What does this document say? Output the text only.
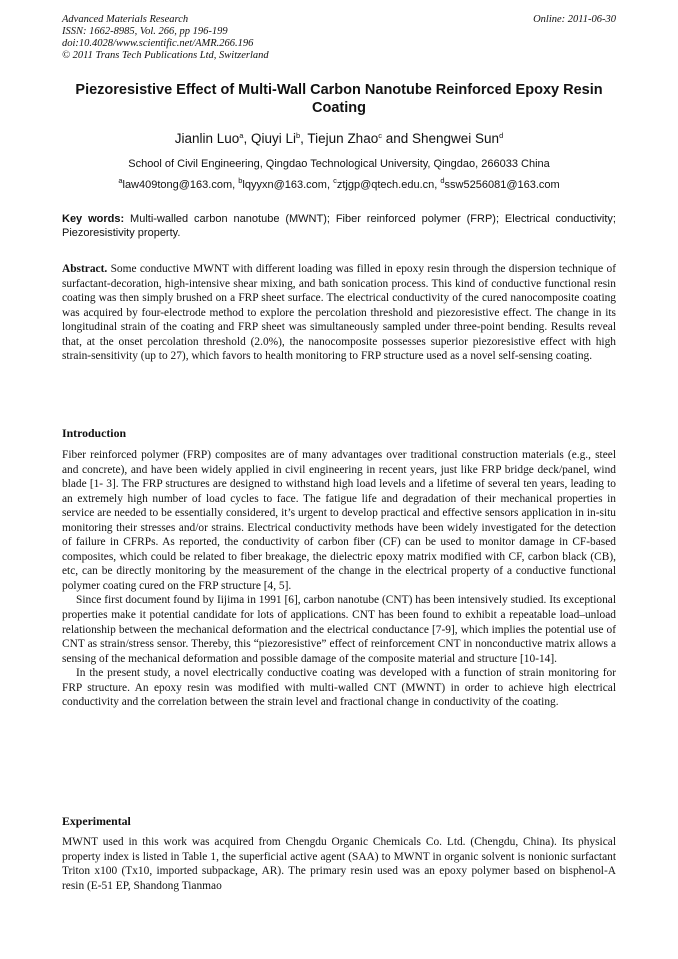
Advanced Materials Research	Online: 2011-06-30
ISSN: 1662-8985, Vol. 266, pp 196-199
doi:10.4028/www.scientific.net/AMR.266.196
© 2011 Trans Tech Publications Ltd, Switzerland
Piezoresistive Effect of Multi-Wall Carbon Nanotube Reinforced Epoxy Resin Coating
Jianlin Luo$^a$, Qiuyi Li$^b$, Tiejun Zhao$^c$ and Shengwei Sun$^d$
School of Civil Engineering, Qingdao Technological University, Qingdao, 266033 China
$^a$law409tong@163.com, $^b$lqyyxn@163.com, $^c$ztjgp@qtech.edu.cn, $^d$ssw5256081@163.com
Key words: Multi-walled carbon nanotube (MWNT); Fiber reinforced polymer (FRP); Electrical conductivity; Piezoresistivity property.
Abstract. Some conductive MWNT with different loading was filled in epoxy resin through the dispersion technique of surfactant-decoration, high-intensive shear mixing, and bath sonication process. This kind of conductive functional resin coating was then simply brushed on a FRP sheet surface. The electrical conductivity of the cured nanocomposite coating was acquired by four-electrode method to explore the percolation threshold and piezoresistive effect. The change in its longitudinal strain of the coating and FRP sheet was simultaneously sampled under three-point bending. Results reveal that, at the onset percolation threshold (2.0%), the nanocomposite possesses superior piezoresistive effect with high strain-sensitivity (up to 27), which favors to health monitoring to FRP structure used as a novel self-sensing coating.
Introduction

Fiber reinforced polymer (FRP) composites are of many advantages over traditional construction materials (e.g., steel and concrete), and have been widely applied in civil engineering in recent years, just like FRP bridge deck/panel, wind blade [1- 3]. The FRP structures are designed to withstand high load levels and a lifetime of several ten years, leading to an extremely high number of load cycles to face. The fatigue life and degradation of their mechanical properties in service are needed to be essentially considered, it’s urgent to develop practical and effective sensors application in in-situ monitoring their stresses and/or strains. Electrical conductivity methods have been widely investigated for the detection of failure in CFRPs. As reported, the conductivity of carbon fiber (CF) can be used to monitor damage in CF-based composites, which could be related to fiber breakage, the dielectric epoxy matrix modified with CF, carbon black (CB), etc, can be directly monitoring by the measurement of the change in the electrical property of a conductive functional polymer coating cured on the FRP structure [4, 5].

Since first document found by Iijima in 1991 [6], carbon nanotube (CNT) has been intensively studied. Its exceptional properties make it potential candidate for lots of applications. CNT has been found to exhibit a repeatable load–unload relationship between the mechanical deformation and the electrical conductance [7-9], which implies the potential use of CNT as strain/stress sensor. Thereby, this “piezoresistive” effect of reinforcement CNT in nonconductive matrix allows a sensing of the mechanical deformation and possible damage of the composite material and structure [10-14].

In the present study, a novel electrically conductive coating was developed with a function of strain monitoring for FRP structure. An epoxy resin was modified with multi-walled CNT (MWNT) in order to achieve high electrical conductivity and the correlation between the strain level and fractional change in conductivity of the coating.

Experimental

MWNT used in this work was acquired from Chengdu Organic Chemicals Co. Ltd. (Chengdu, China). Its physical property index is listed in Table 1, the superficial active agent (SAA) to MWNT in organic solvent is nonionic surfactant Triton x100 (Tx10, imported subpackage, AR). The primary resin used was an epoxy polymer based on bisphenol-A resin (E-51 EP, Shandong Tianmao
